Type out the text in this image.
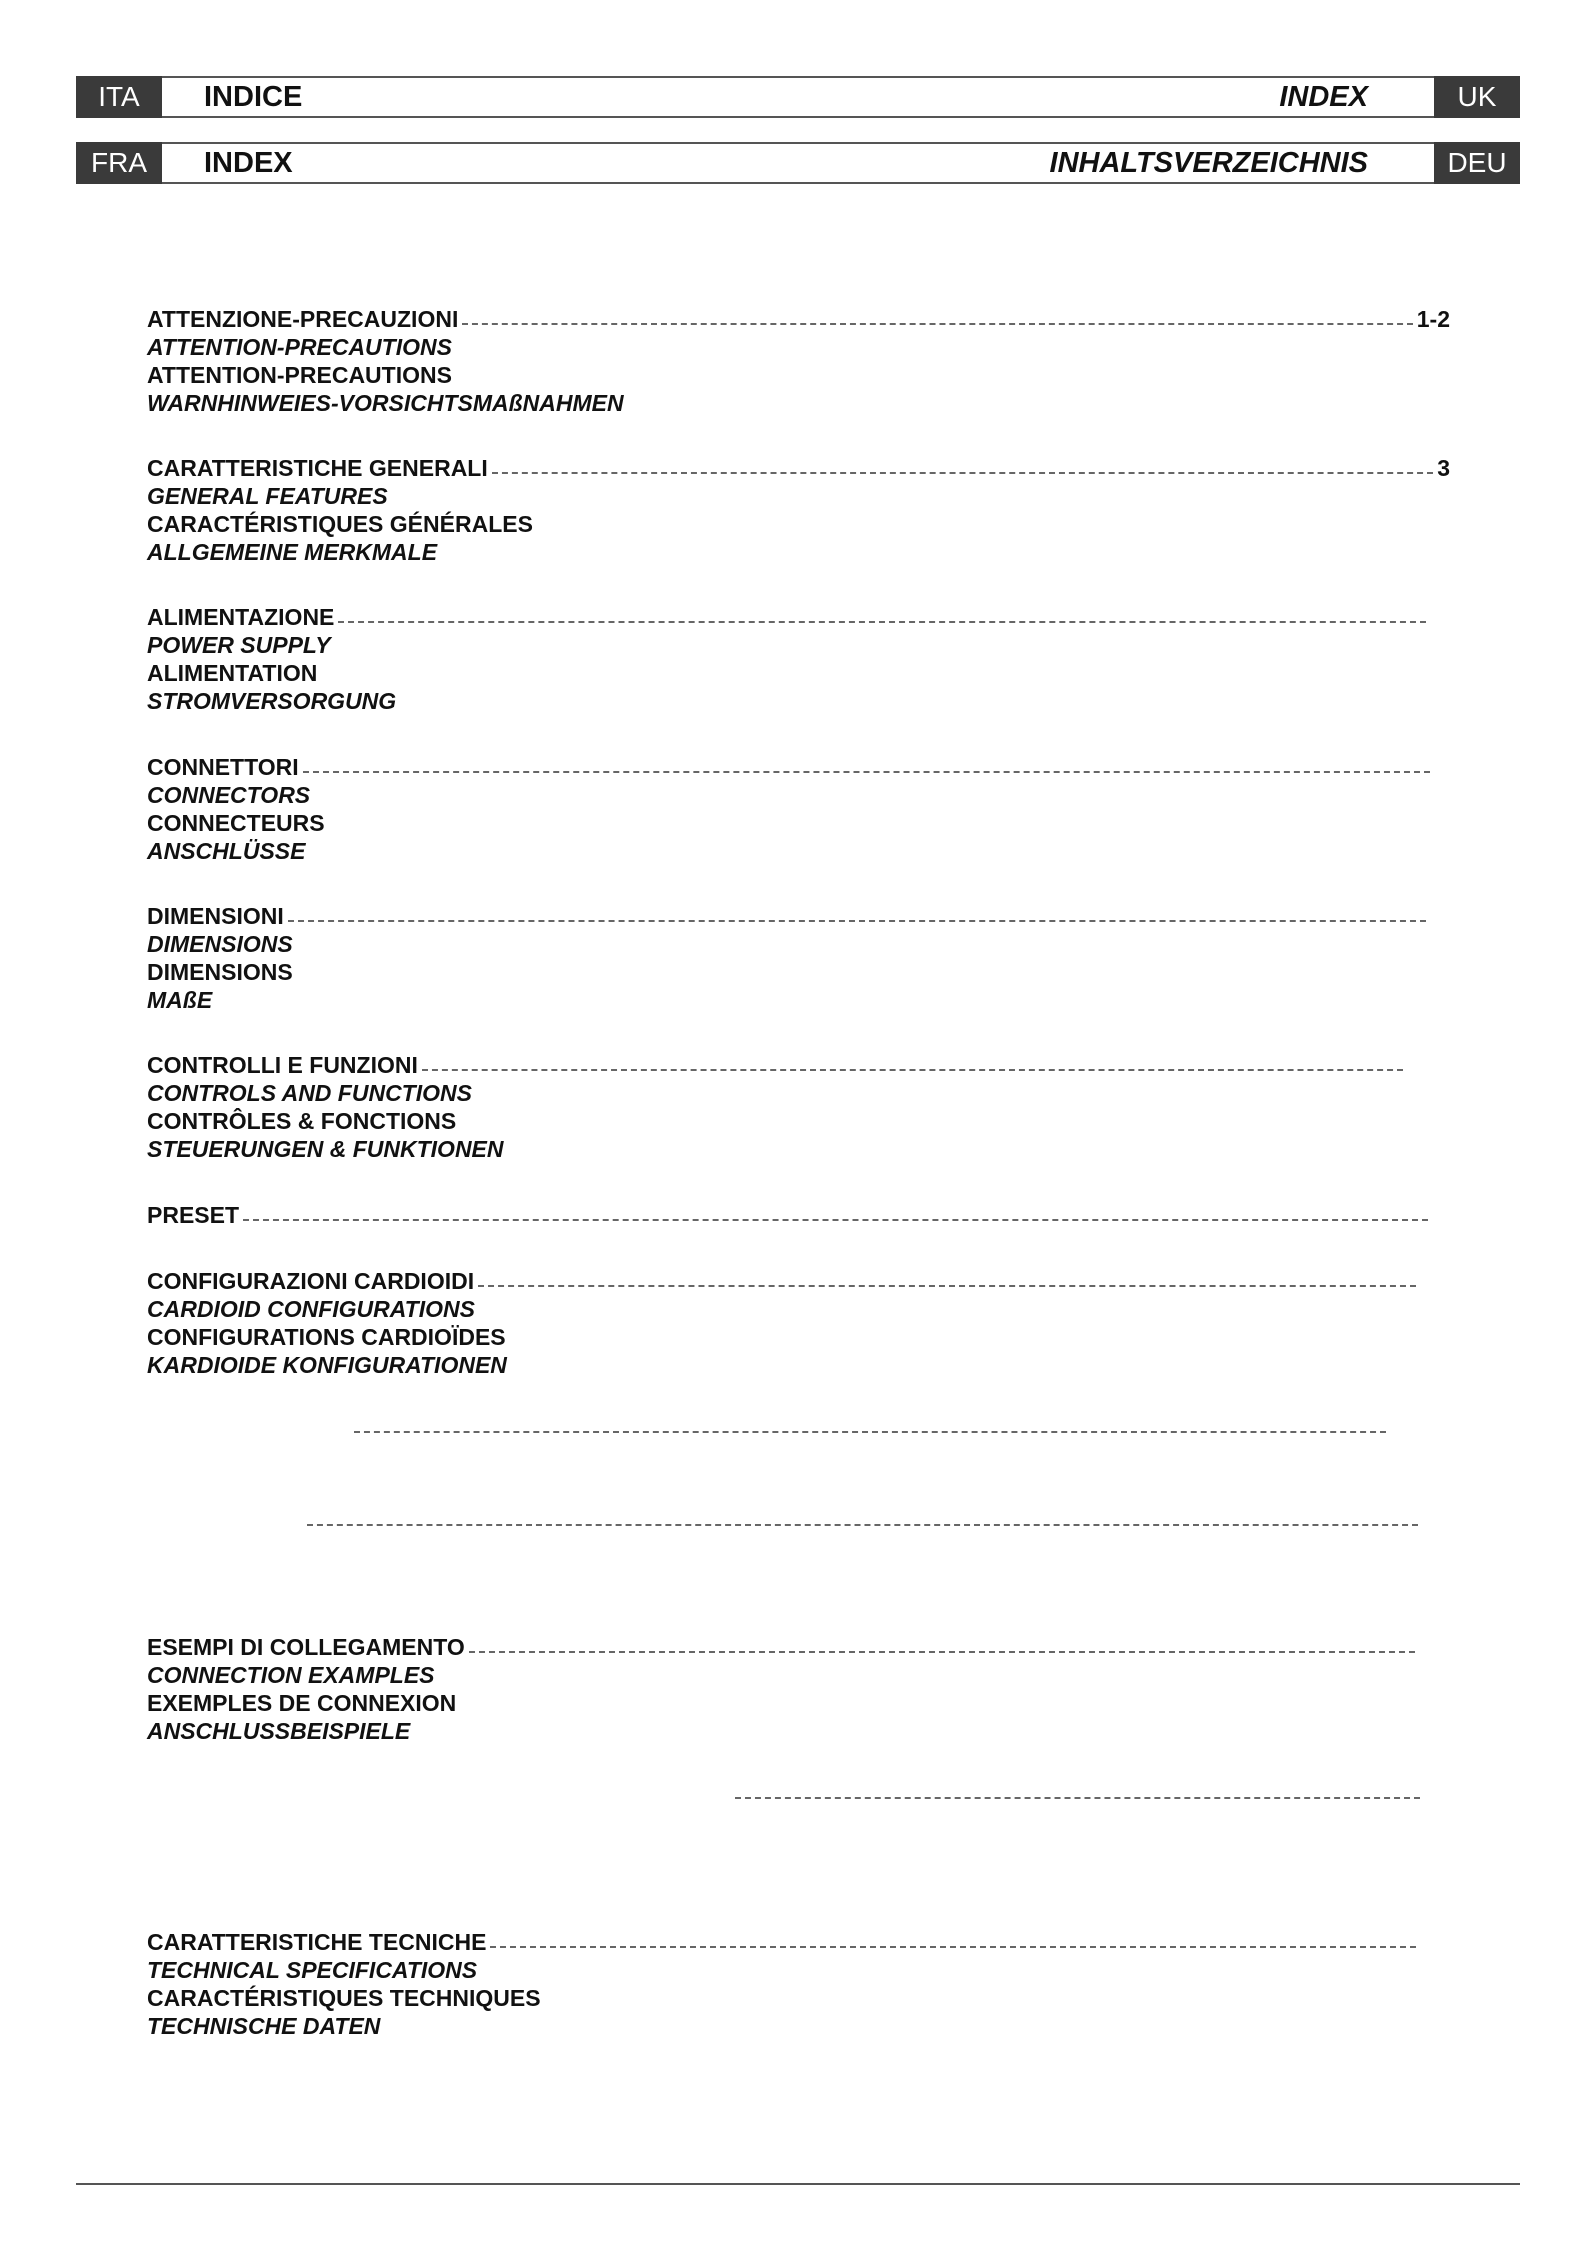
ITA	INDICE	INDEX	UK
FRA	INDEX	INHALTSVERZEICHNIS	DEU
ATTENZIONE-PRECAUZIONI	1-2
ATTENTION-PRECAUTIONS
ATTENTION-PRECAUTIONS
WARNHINWEIES-VORSICHTSMAßNAHMEN
CARATTERISTICHE GENERALI	3
GENERAL FEATURES
CARACTÉRISTIQUES GÉNÉRALES
ALLGEMEINE MERKMALE
ALIMENTAZIONE
POWER SUPPLY
ALIMENTATION
STROMVERSORGUNG
CONNETTORI
CONNECTORS
CONNECTEURS
ANSCHLÜSSE
DIMENSIONI
DIMENSIONS
DIMENSIONS
MAßE
CONTROLLI E FUNZIONI
CONTROLS AND FUNCTIONS
CONTRÔLES & FONCTIONS
STEUERUNGEN & FUNKTIONEN
PRESET
CONFIGURAZIONI CARDIOIDI
CARDIOID CONFIGURATIONS
CONFIGURATIONS CARDIOÏDES
KARDIOIDE KONFIGURATIONEN
ESEMPI DI COLLEGAMENTO
CONNECTION EXAMPLES
EXEMPLES DE CONNEXION
ANSCHLUSSBEISPIELE
CARATTERISTICHE TECNICHE
TECHNICAL SPECIFICATIONS
CARACTÉRISTIQUES TECHNIQUES
TECHNISCHE DATEN
